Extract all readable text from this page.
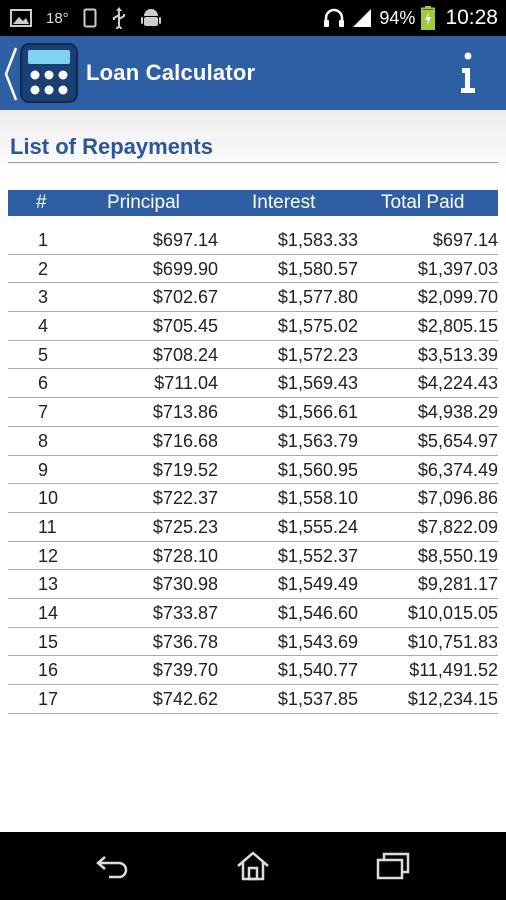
18°	94% 10:28
Loan Calculator
List of Repayments
#	Principal	Interest	Total Paid
1	$697.14	$1,583.33	$697.14
2	$699.90	$1,580.57	$1,397.03
3	$702.67	$1,577.80	$2,099.70
4	$705.45	$1,575.02	$2,805.15
5	$708.24	$1,572.23	$3,513.39
6	$711.04	$1,569.43	$4,224.43
7	$713.86	$1,566.61	$4,938.29
8	$716.68	$1,563.79	$5,654.97
9	$719.52	$1,560.95	$6,374.49
10	$722.37	$1,558.10	$7,096.86
11	$725.23	$1,555.24	$7,822.09
12	$728.10	$1,552.37	$8,550.19
13	$730.98	$1,549.49	$9,281.17
14	$733.87	$1,546.60	$10,015.05
15	$736.78	$1,543.69	$10,751.83
16	$739.70	$1,540.77	$11,491.52
17	$742.62	$1,537.85	$12,234.15
